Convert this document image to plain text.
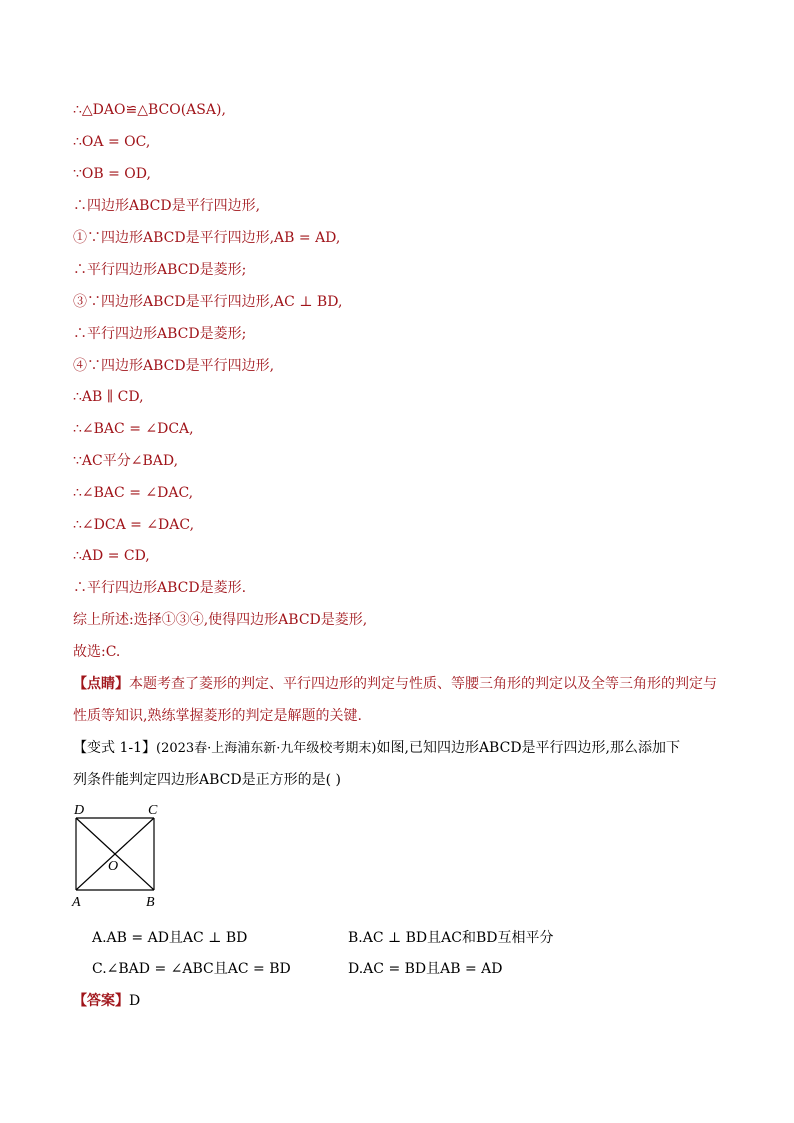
∴△DAO≌△BCO(ASA),
∴OA = OC,
∵OB = OD,
∴四边形ABCD是平行四边形,
①∵四边形ABCD是平行四边形,AB = AD,
∴平行四边形ABCD是菱形;
③∵四边形ABCD是平行四边形,AC ⊥ BD,
∴平行四边形ABCD是菱形;
④∵四边形ABCD是平行四边形,
∴AB ∥ CD,
∴∠BAC = ∠DCA,
∵AC平分∠BAD,
∴∠BAC = ∠DAC,
∴∠DCA = ∠DAC,
∴AD = CD,
∴平行四边形ABCD是菱形.
综上所述:选择①③④,使得四边形ABCD是菱形,
故选:C.
【点睛】本题考查了菱形的判定、平行四边形的判定与性质、等腰三角形的判定以及全等三角形的判定与
性质等知识,熟练掌握菱形的判定是解题的关键.
【变式 1-1】(2023春·上海浦东新·九年级校考期末)如图,已知四边形ABCD是平行四边形,那么添加下
列条件能判定四边形ABCD是正方形的是( )
D	C
A	B
O
A.AB = AD且AC ⊥ BD	B.AC ⊥ BD且AC和BD互相平分
C.∠BAD = ∠ABC且AC = BD	D.AC = BD且AB = AD
【答案】D
